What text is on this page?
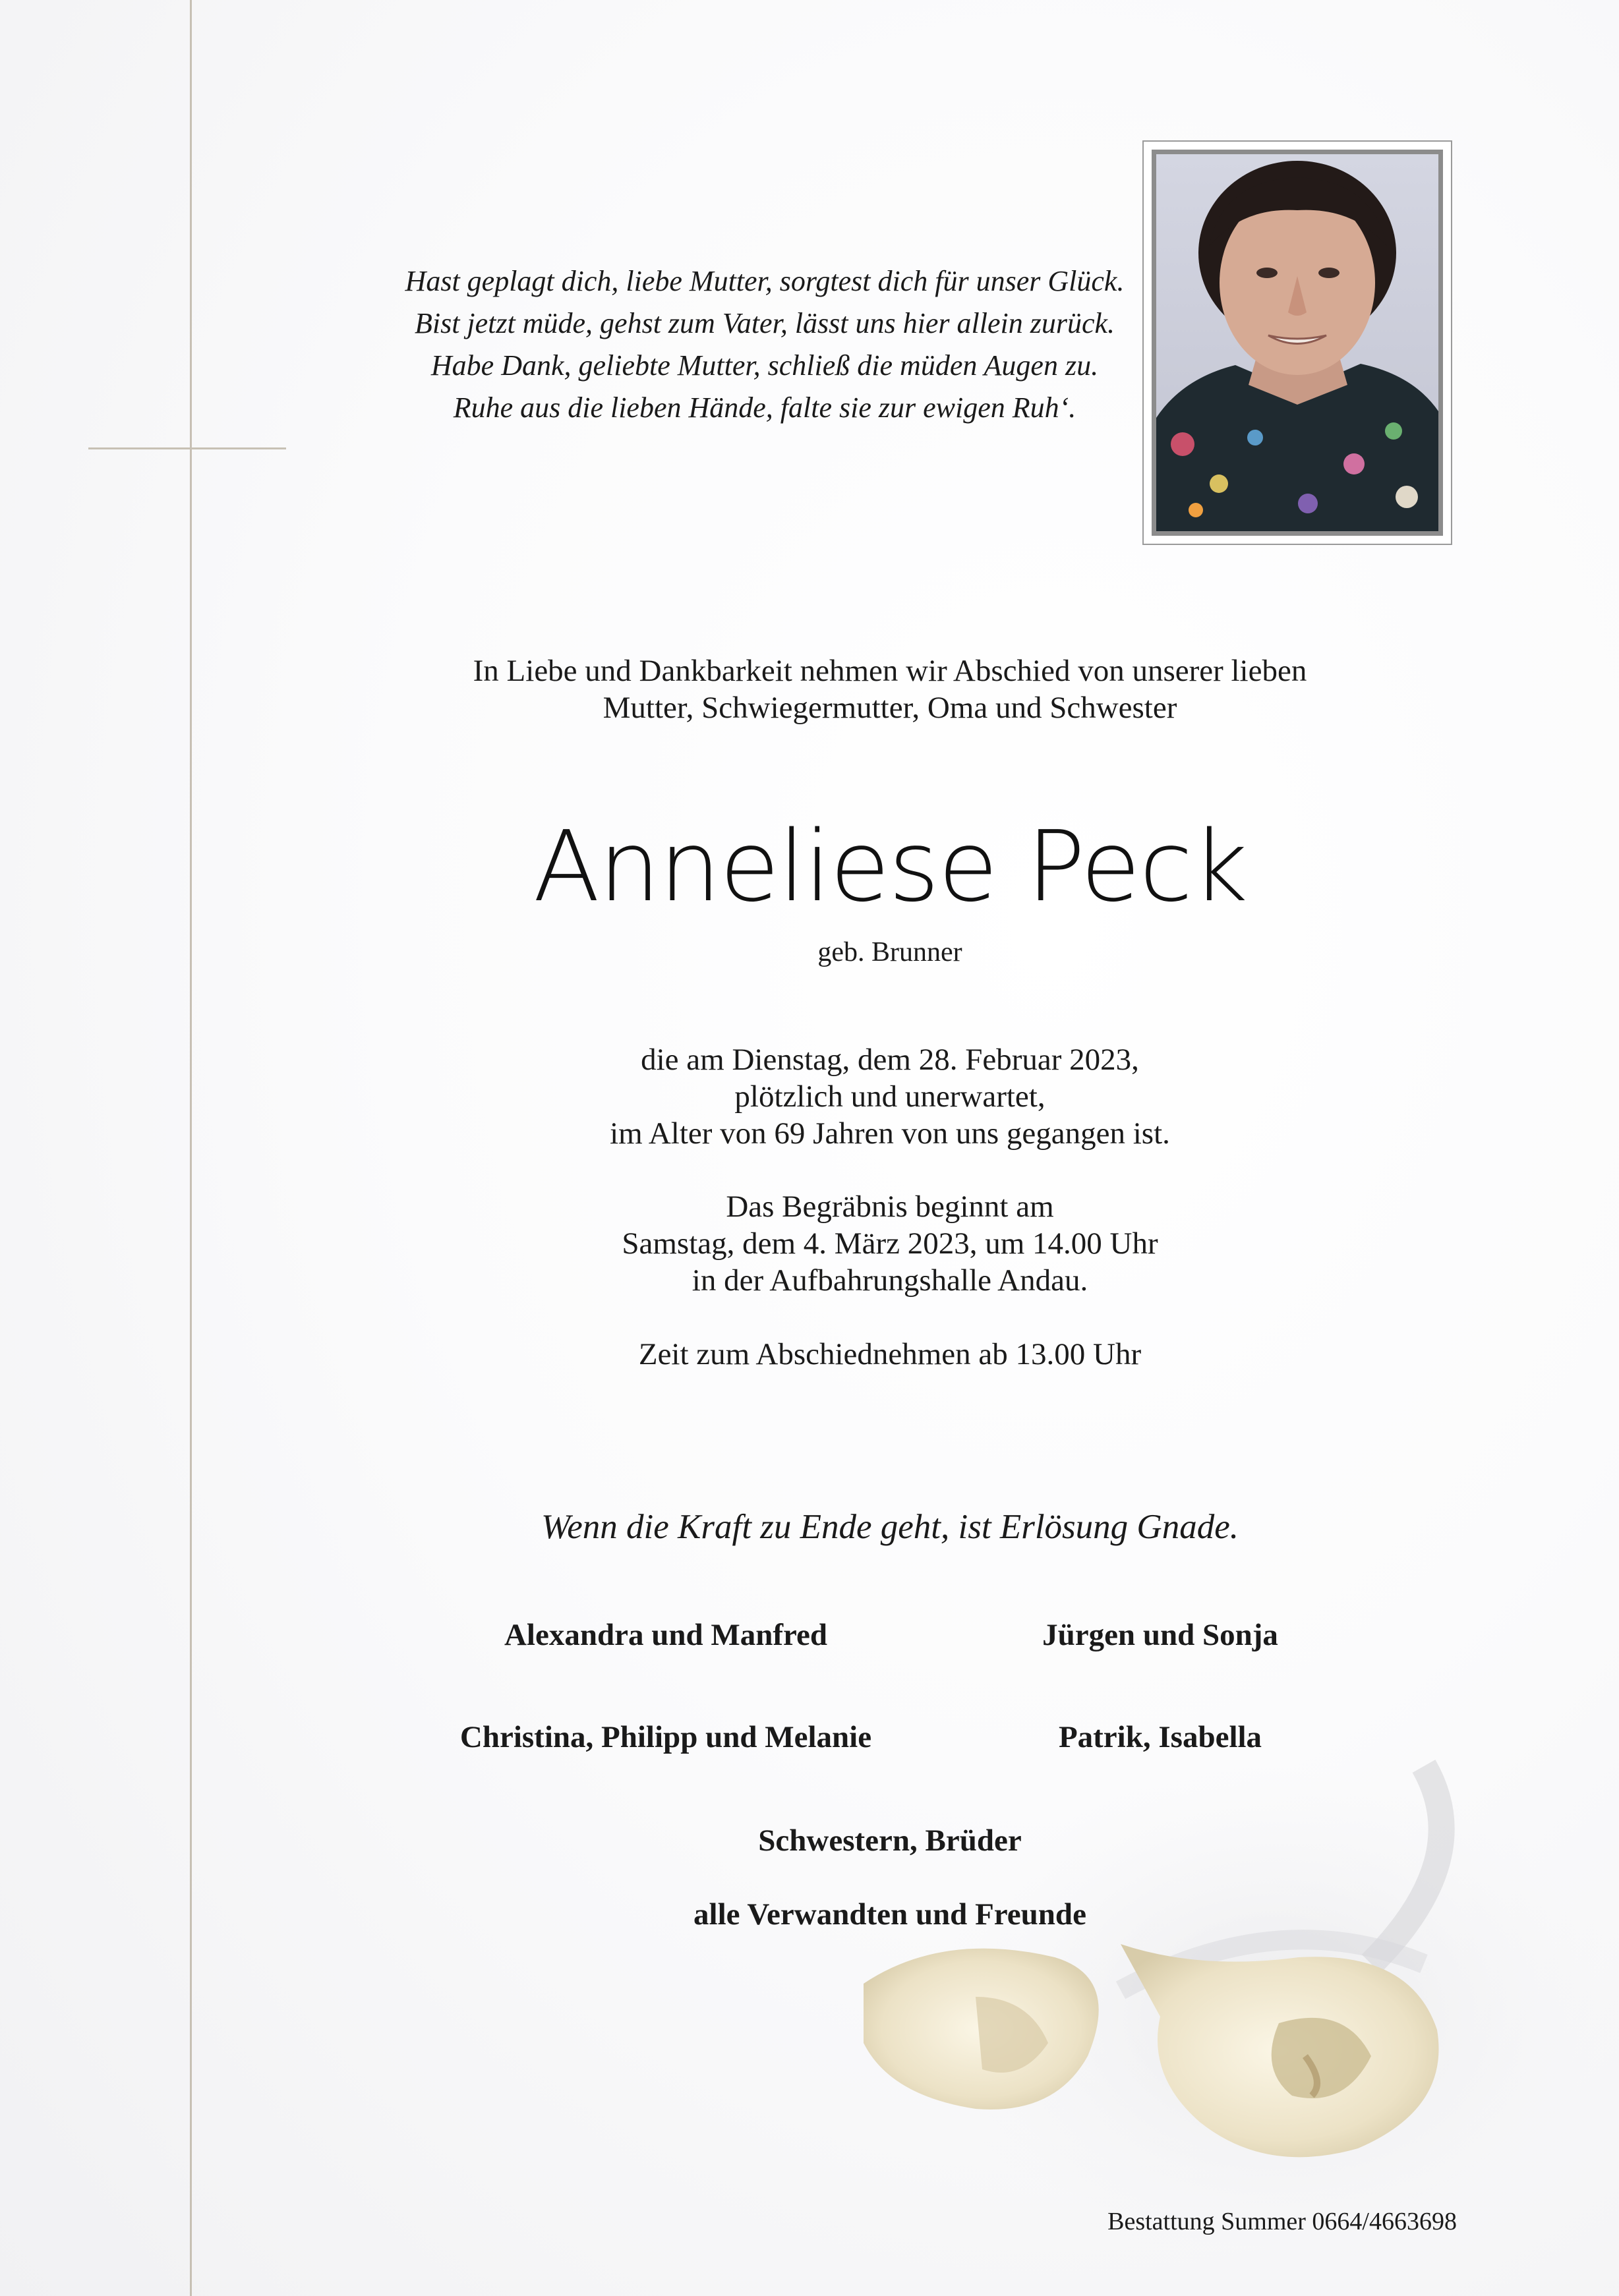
Hast geplagt dich, liebe Mutter, sorgtest dich für unser Glück.
Bist jetzt müde, gehst zum Vater, lässt uns hier allein zurück.
Habe Dank, geliebte Mutter, schließ die müden Augen zu.
Ruhe aus die lieben Hände, falte sie zur ewigen Ruh‘.
In Liebe und Dankbarkeit nehmen wir Abschied von unserer lieben
Mutter, Schwiegermutter, Oma und Schwester
Anneliese Peck
geb. Brunner
die am Dienstag, dem 28. Februar 2023,
plötzlich und unerwartet,
im Alter von 69 Jahren von uns gegangen ist.
Das Begräbnis beginnt am
Samstag, dem 4. März 2023, um 14.00 Uhr
in der Aufbahrungshalle Andau.
Zeit zum Abschiednehmen ab 13.00 Uhr
Wenn die Kraft zu Ende geht, ist Erlösung Gnade.
Alexandra und Manfred	Jürgen und Sonja
Christina, Philipp und Melanie	Patrik, Isabella
Schwestern, Brüder
alle Verwandten und Freunde
Bestattung Summer 0664/4663698
